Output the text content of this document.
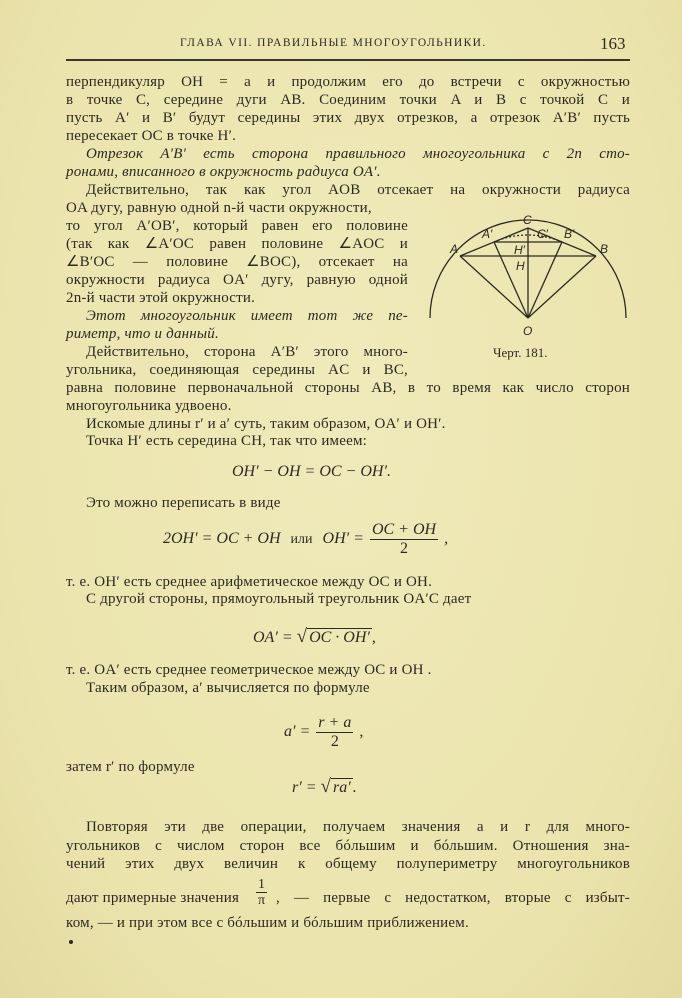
ГЛАВА VII. ПРАВИЛЬНЫЕ МНОГОУГОЛЬНИКИ.	163
перпендикуляр OH = a и продолжим его до встречи с окружностью
в точке C, середине дуги AB. Соединим точки A и B с точкой C и
пусть A′ и B′ будут середины этих двух отрезков, а отрезок A′B′ пусть
пересекает OC в точке H′.
Отрезок A′B′ есть сторона правильного многоугольника с 2n сто-
ронами, вписанного в окружность радиуса OA′.
Действительно, так как угол AOB отсекает на окружности радиуса
OA дугу, равную одной n-й части окружности,
то угол A′OB′, который равен его половине
(так как ∠A′OC равен половине ∠AOC и
∠B′OC — половине ∠BOC), отсекает на
окружности радиуса OA′ дугу, равную одной
2n-й части этой окружности.
Этот многоугольник имеет тот же пе-
риметр, что и данный.
Действительно, сторона A′B′ этого много-
угольника, соединяющая середины AC и BC,
равна половине первоначальной стороны AB, в то время как число сторон
многоугольника удвоено.
Искомые длины r′ и a′ суть, таким образом, OA′ и OH′.
Точка H′ есть середина CH, так что имеем:
OH′ − OH = OC − OH′.
Это можно переписать в виде
2OH′ = OC + OH или $OH' = \frac{OC + OH}{2}$ ,
т. е. OH′ есть среднее арифметическое между OC и OH.
С другой стороны, прямоугольный треугольник OA′C дает
OA′ = √ OC · OH′ ,
т. е. OA′ есть среднее геометрическое между OC и OH .
Таким образом, a′ вычисляется по формуле
$a' = \frac{r + a}{2}$ ,
затем r′ по формуле
r′ = √ ra′ .
Повторяя эти две операции, получаем значения a и r для много-
угольников с числом сторон все бóльшим и бóльшим. Отношения зна-
чений этих двух величин к общему полупериметру многоугольников
дают примерные значения $\frac{1}{\pi}$ , — первые с недостатком, вторые с избыт-
ком, — и при этом все с бóльшим и бóльшим приближением.
C
A	B
A′	B′
C′
H′
H
O
Черт. 181.
